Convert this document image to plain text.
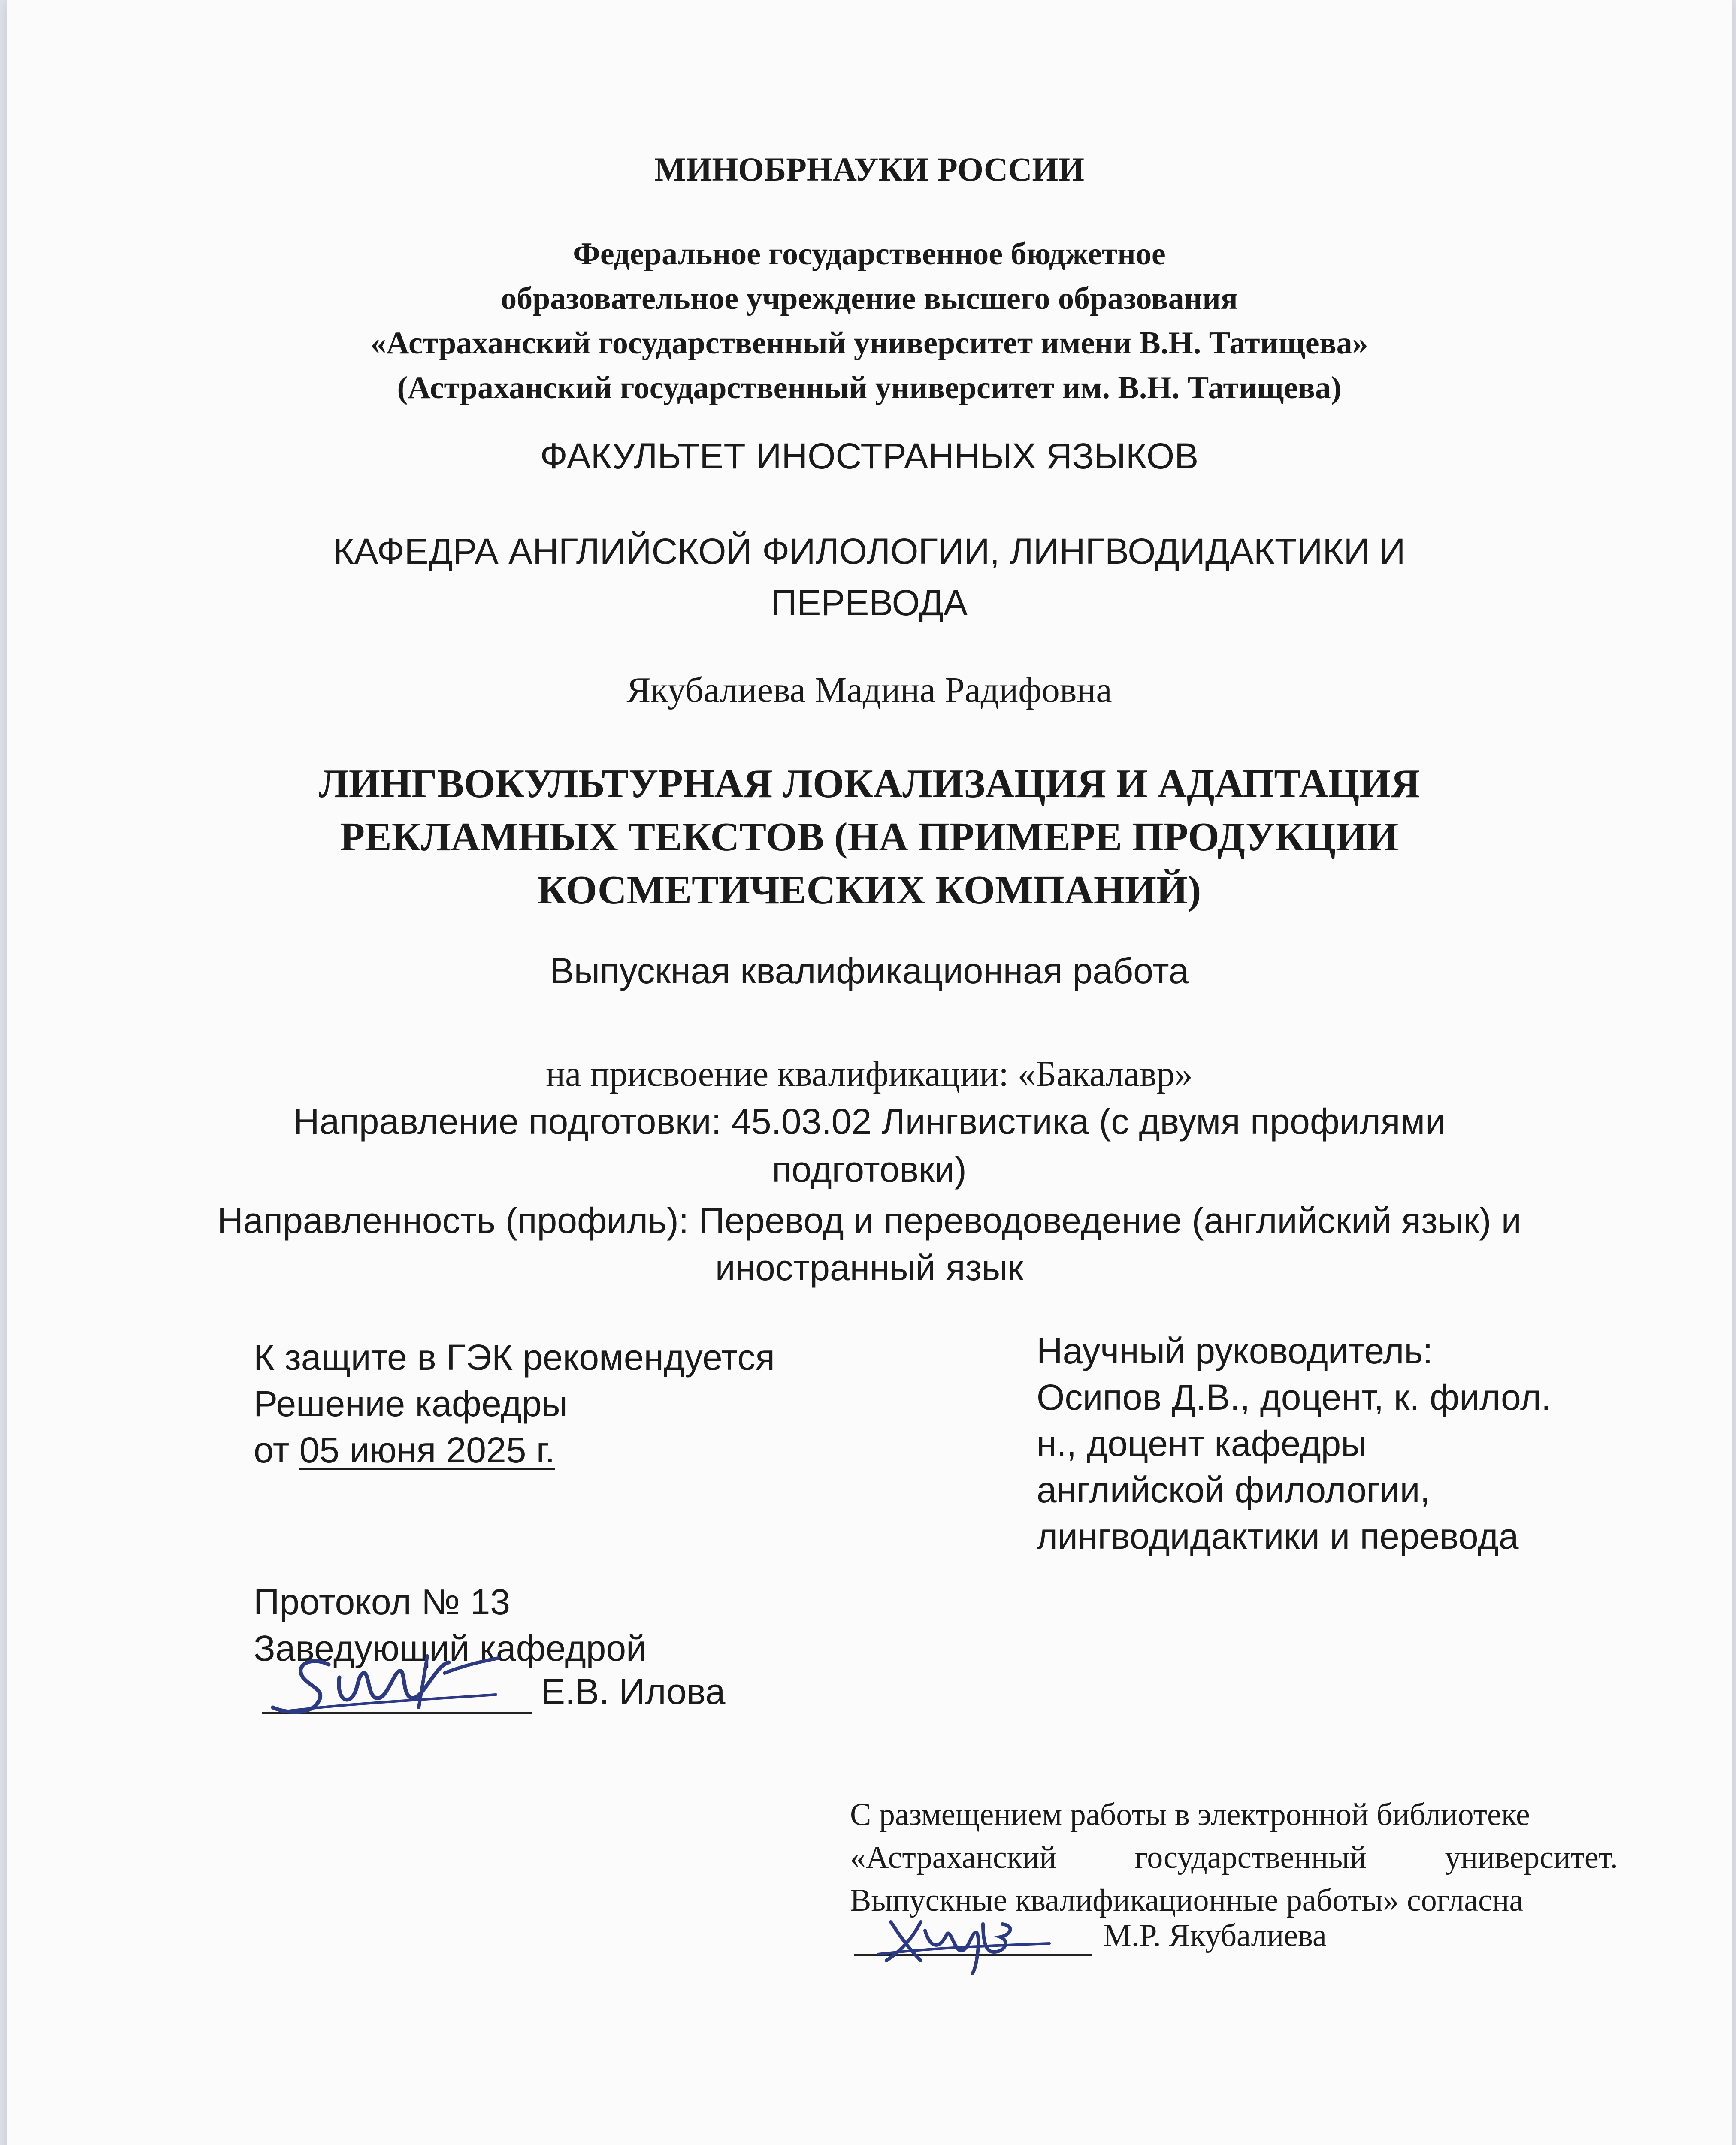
МИНОБРНАУКИ РОССИИ
Федеральное государственное бюджетное
образовательное учреждение высшего образования
«Астраханский государственный университет имени В.Н. Татищева»
(Астраханский государственный университет им. В.Н. Татищева)
ФАКУЛЬТЕТ ИНОСТРАННЫХ ЯЗЫКОВ
КАФЕДРА АНГЛИЙСКОЙ ФИЛОЛОГИИ, ЛИНГВОДИДАКТИКИ И
ПЕРЕВОДА
Якубалиева Мадина Радифовна
ЛИНГВОКУЛЬТУРНАЯ ЛОКАЛИЗАЦИЯ И АДАПТАЦИЯ
РЕКЛАМНЫХ ТЕКСТОВ (НА ПРИМЕРЕ ПРОДУКЦИИ
КОСМЕТИЧЕСКИХ КОМПАНИЙ)
Выпускная квалификационная работа
на присвоение квалификации: «Бакалавр»
Направление подготовки: 45.03.02 Лингвистика (с двумя профилями
подготовки)
Направленность (профиль): Перевод и переводоведение (английский язык) и
иностранный язык
К защите в ГЭК рекомендуется
Решение кафедры
от 05 июня 2025 г.
Научный руководитель:
Осипов Д.В., доцент, к. филол.
н., доцент кафедры
английской филологии,
лингводидактики и перевода
Протокол № 13
Заведующий кафедрой
Е.В. Илова
С размещением работы в электронной библиотеке
«Астраханский государственный университет.
Выпускные квалификационные работы» согласна
М.Р. Якубалиева
